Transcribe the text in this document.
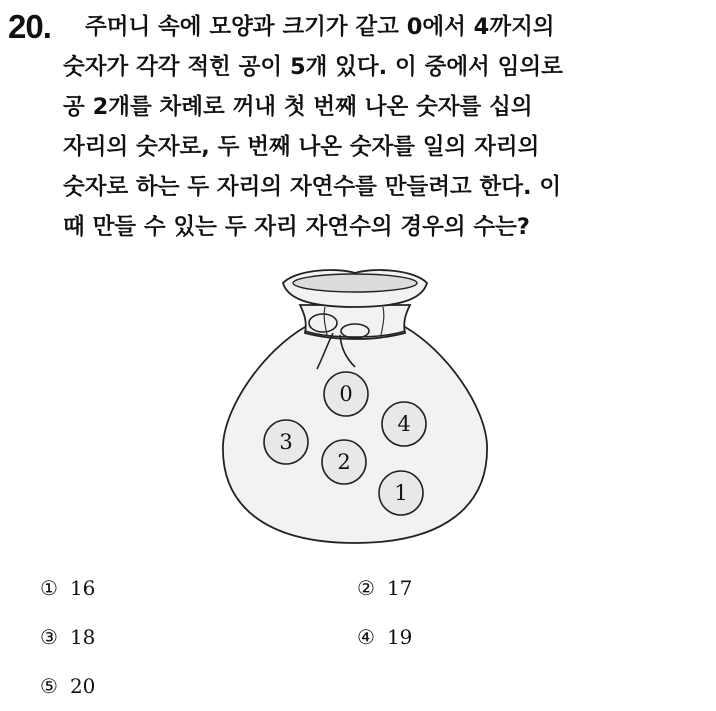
20.	주머니 속에 모양과 크기가 같고 0에서 4까지의
숫자가 각각 적힌 공이 5개 있다. 이 중에서 임의로
공 2개를 차례로 꺼내 첫 번째 나온 숫자를 십의
자리의 숫자로, 두 번째 나온 숫자를 일의 자리의
숫자로 하는 두 자리의 자연수를 만들려고 한다. 이
때 만들 수 있는 두 자리 자연수의 경우의 수는?

0
4
3
2
1
① 16	② 17
③ 18	④ 19
⑤ 20
